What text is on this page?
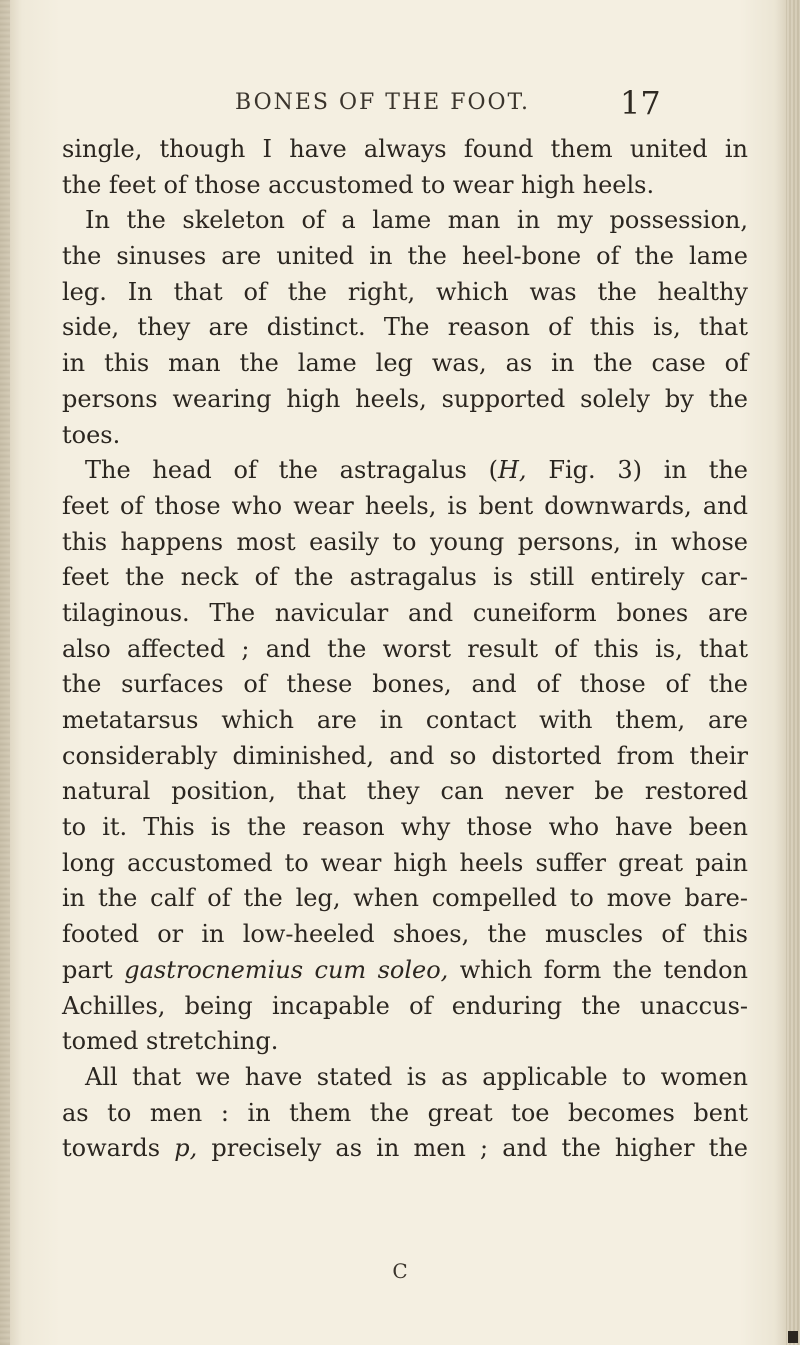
BONES OF THE FOOT.	17
single, though I have always found them united in
the feet of those accustomed to wear high heels.
In the skeleton of a lame man in my possession,
the sinuses are united in the heel-bone of the lame
leg. In that of the right, which was the healthy
side, they are distinct. The reason of this is, that
in this man the lame leg was, as in the case of
persons wearing high heels, supported solely by the
toes.
The head of the astragalus (H, Fig. 3) in the
feet of those who wear heels, is bent downwards, and
this happens most easily to young persons, in whose
feet the neck of the astragalus is still entirely car-
tilaginous. The navicular and cuneiform bones are
also affected ; and the worst result of this is, that
the surfaces of these bones, and of those of the
metatarsus which are in contact with them, are
considerably diminished, and so distorted from their
natural position, that they can never be restored
to it. This is the reason why those who have been
long accustomed to wear high heels suffer great pain
in the calf of the leg, when compelled to move bare-
footed or in low-heeled shoes, the muscles of this
part gastrocnemius cum soleo, which form the tendon
Achilles, being incapable of enduring the unaccus-
tomed stretching.
All that we have stated is as applicable to women
as to men : in them the great toe becomes bent
towards p, precisely as in men ; and the higher the
C
